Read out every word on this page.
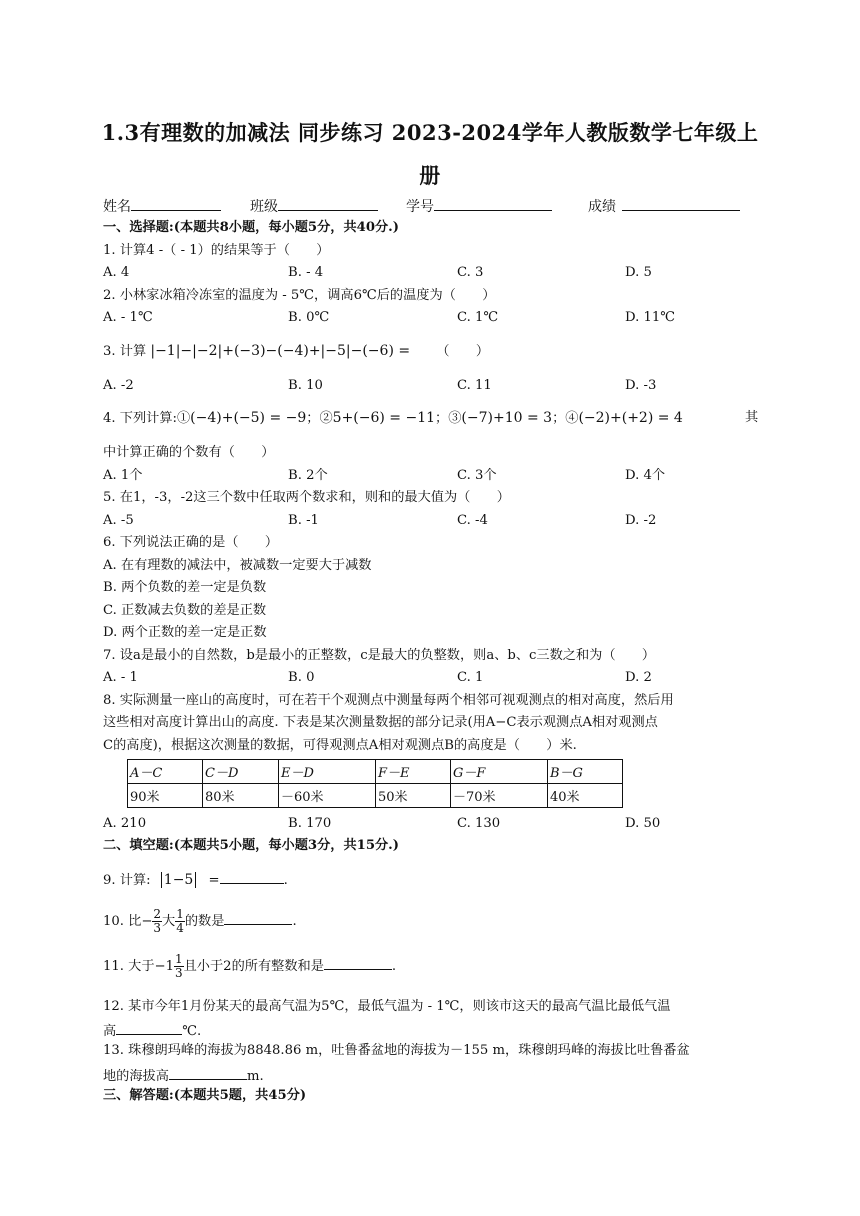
1.3有理数的加减法 同步练习 2023-2024学年人教版数学七年级上
册
姓名	班级	学号	成绩
一、选择题:(本题共8小题，每小题5分，共40分.)
1. 计算4 -（ - 1）的结果等于（　　）
A. 4	B. - 4	C. 3	D. 5
2. 小林家冰箱冷冻室的温度为 - 5℃，调高6℃后的温度为（　　）
A. - 1℃	B. 0℃	C. 1℃	D. 11℃
3. 计算 |−1|−|−2|+(−3)−(−4)+|−5|−(−6) = （　　）
A. -2	B. 10	C. 11	D. -3
4. 下列计算:①(−4)+(−5) = −9；②5+(−6) = −11；③(−7)+10 = 3；④(−2)+(+2) = 4	其
中计算正确的个数有（　　）
A. 1个	B. 2个	C. 3个	D. 4个
5. 在1，-3，-2这三个数中任取两个数求和，则和的最大值为（　　）
A. -5	B. -1	C. -4	D. -2
6. 下列说法正确的是（　　）
A. 在有理数的减法中，被减数一定要大于减数
B. 两个负数的差一定是负数
C. 正数减去负数的差是正数
D. 两个正数的差一定是正数
7. 设a是最小的自然数，b是最小的正整数，c是最大的负整数，则a、b、c三数之和为（　　）
A. - 1	B. 0	C. 1	D. 2
8. 实际测量一座山的高度时，可在若干个观测点中测量每两个相邻可视观测点的相对高度，然后用
这些相对高度计算出山的高度. 下表是某次测量数据的部分记录(用A−C表示观测点A相对观测点
C的高度)，根据这次测量的数据，可得观测点A相对观测点B的高度是（　　）米.
A－C	C－D	E－D	F－E	G－F	B－G
90米	80米	－60米	50米	－70米	40米
A. 210	B. 170	C. 130	D. 50
二、填空题:(本题共5小题，每小题3分，共15分.)
9. 计算: 1−5 =	.
10. 比− $\frac{2}{3}$ 大 $\frac{1}{4}$ 的数是	.
11. 大于$-1 \frac{1}{3}$ 且小于2的所有整数和是	.
12. 某市今年1月份某天的最高气温为5℃，最低气温为 - 1℃，则该市这天的最高气温比最低气温
高	℃.
13. 珠穆朗玛峰的海拔为8848.86 m，吐鲁番盆地的海拔为－155 m，珠穆朗玛峰的海拔比吐鲁番盆
地的海拔高	m.
三、解答题:(本题共5题，共45分)
